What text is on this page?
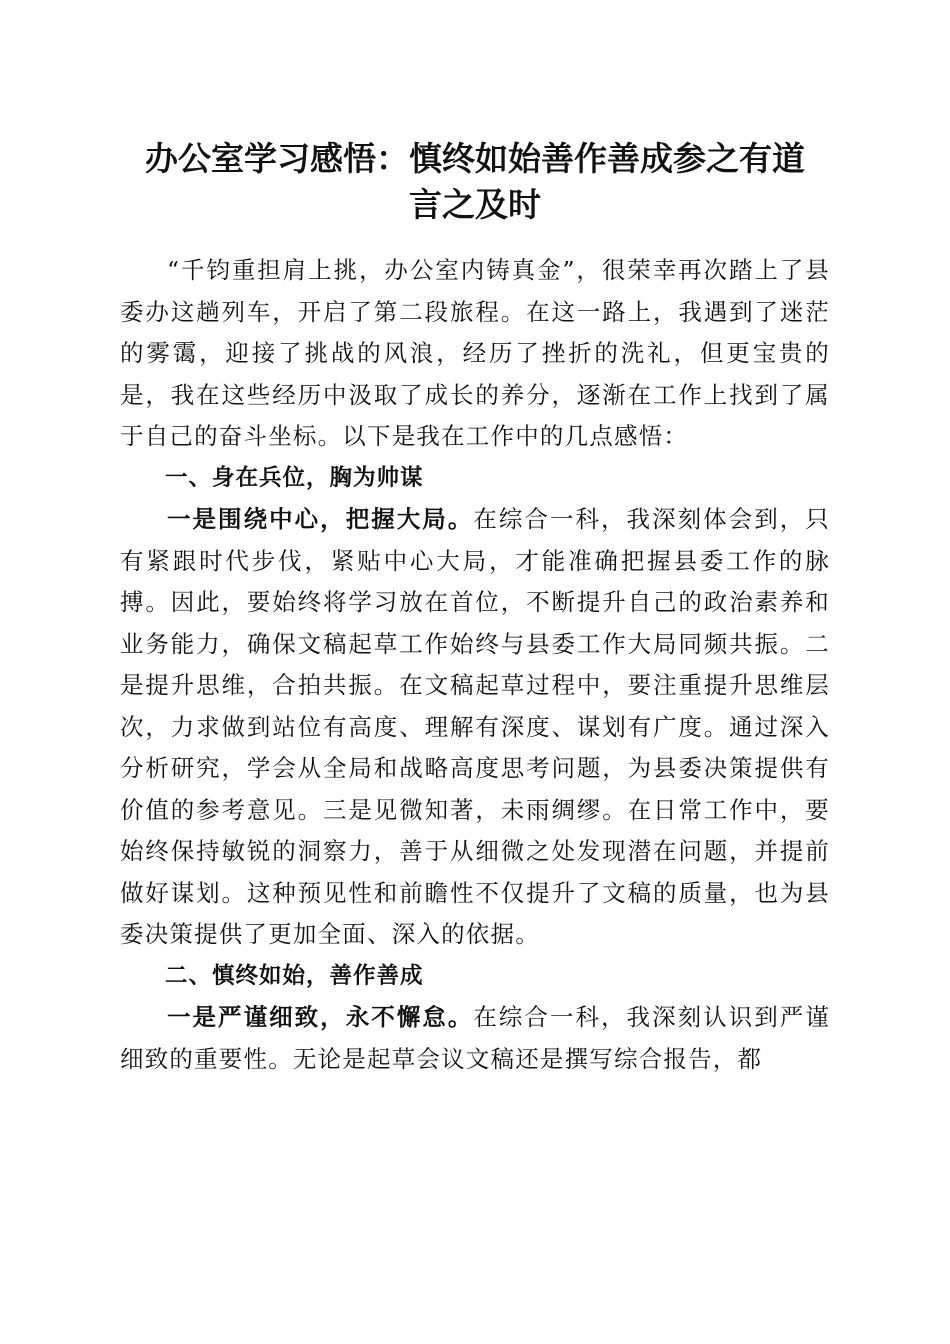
办公室学习感悟：慎终如始善作善成参之有道
言之及时

“千钧重担肩上挑，办公室内铸真金”，很荣幸再次踏上了县委办这趟列车，开启了第二段旅程。在这一路上，我遇到了迷茫的雾霭，迎接了挑战的风浪，经历了挫折的洗礼，但更宝贵的是，我在这些经历中汲取了成长的养分，逐渐在工作上找到了属于自己的奋斗坐标。以下是我在工作中的几点感悟：

一、身在兵位，胸为帅谋

一是围绕中心，把握大局。在综合一科，我深刻体会到，只有紧跟时代步伐，紧贴中心大局，才能准确把握县委工作的脉搏。因此，要始终将学习放在首位，不断提升自己的政治素养和业务能力，确保文稿起草工作始终与县委工作大局同频共振。二是提升思维，合拍共振。在文稿起草过程中，要注重提升思维层次，力求做到站位有高度、理解有深度、谋划有广度。通过深入分析研究，学会从全局和战略高度思考问题，为县委决策提供有价值的参考意见。三是见微知著，未雨绸缪。在日常工作中，要始终保持敏锐的洞察力，善于从细微之处发现潜在问题，并提前做好谋划。这种预见性和前瞻性不仅提升了文稿的质量，也为县委决策提供了更加全面、深入的依据。

二、慎终如始，善作善成

一是严谨细致，永不懈怠。在综合一科，我深刻认识到严谨细致的重要性。无论是起草会议文稿还是撰写综合报告，都
